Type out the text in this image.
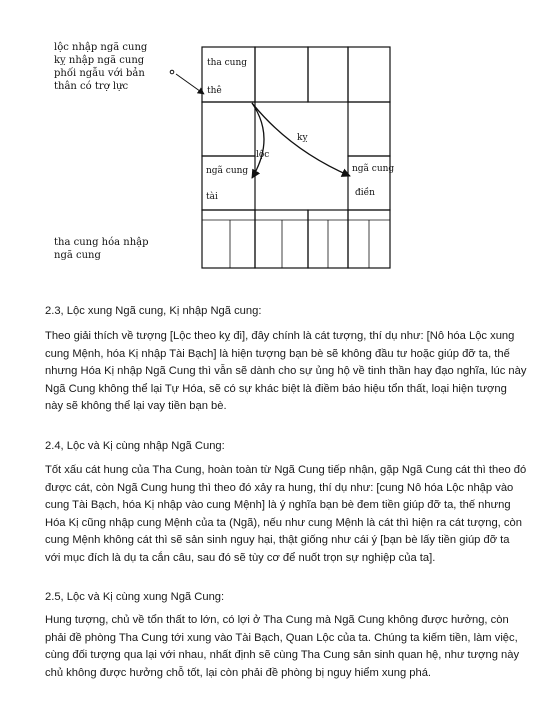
lộc nhập ngã cung
kỵ nhập ngã cung
phối ngẫu với bản
thân có trợ lực
tha cung hóa nhập
ngã cung
tha cung
thê
ngã cung
tài
ngã cung
điền
lộc
kỵ
2.3, Lộc xung Ngã cung, Kị nhập Ngã cung:
Theo giải thích về tượng [Lộc theo kỵ đi], đây chính là cát tượng, thí dụ như: [Nô hóa Lộc xung
cung Mệnh, hóa Kị nhập Tài Bạch] là hiện tượng bạn bè sẽ không đầu tư hoặc giúp đỡ ta, thế
nhưng Hóa Kị nhập Ngã Cung thì vẫn sẽ dành cho sự ủng hộ về tinh thần hay đạo nghĩa, lúc này
Ngã Cung không thể lại Tự Hóa, sẽ có sự khác biệt là điềm báo hiệu tổn thất, loại hiện tượng
này sẽ không thể lại vay tiền bạn bè.
2.4, Lộc và Kị cùng nhập Ngã Cung:
Tốt xấu cát hung của Tha Cung, hoàn toàn từ Ngã Cung tiếp nhận, gặp Ngã Cung cát thì theo đó
được cát, còn Ngã Cung hung thì theo đó xảy ra hung, thí dụ như: [cung Nô hóa Lộc nhập vào
cung Tài Bạch, hóa Kị nhập vào cung Mệnh] là ý nghĩa bạn bè đem tiền giúp đỡ ta, thế nhưng
Hóa Kị cũng nhập cung Mệnh của ta (Ngã), nếu như cung Mệnh là cát thì hiện ra cát tượng, còn
cung Mệnh không cát thì sẽ sản sinh nguy hại, thật giống như cái ý [bạn bè lấy tiền giúp đỡ ta
với mục đích là dụ ta cắn câu, sau đó sẽ tùy cơ để nuốt trọn sự nghiệp của ta].
2.5, Lộc và Kị cùng xung Ngã Cung:
Hung tượng, chủ về tổn thất to lớn, có lợi ở Tha Cung mà Ngã Cung không được hưởng, còn
phải đề phòng Tha Cung tới xung vào Tài Bạch, Quan Lộc của ta. Chúng ta kiếm tiền, làm việc,
cùng đối tượng qua lại với nhau, nhất định sẽ cùng Tha Cung sản sinh quan hệ, như tượng này
chủ không được hưởng chỗ tốt, lại còn phải đề phòng bị nguy hiểm xung phá.
